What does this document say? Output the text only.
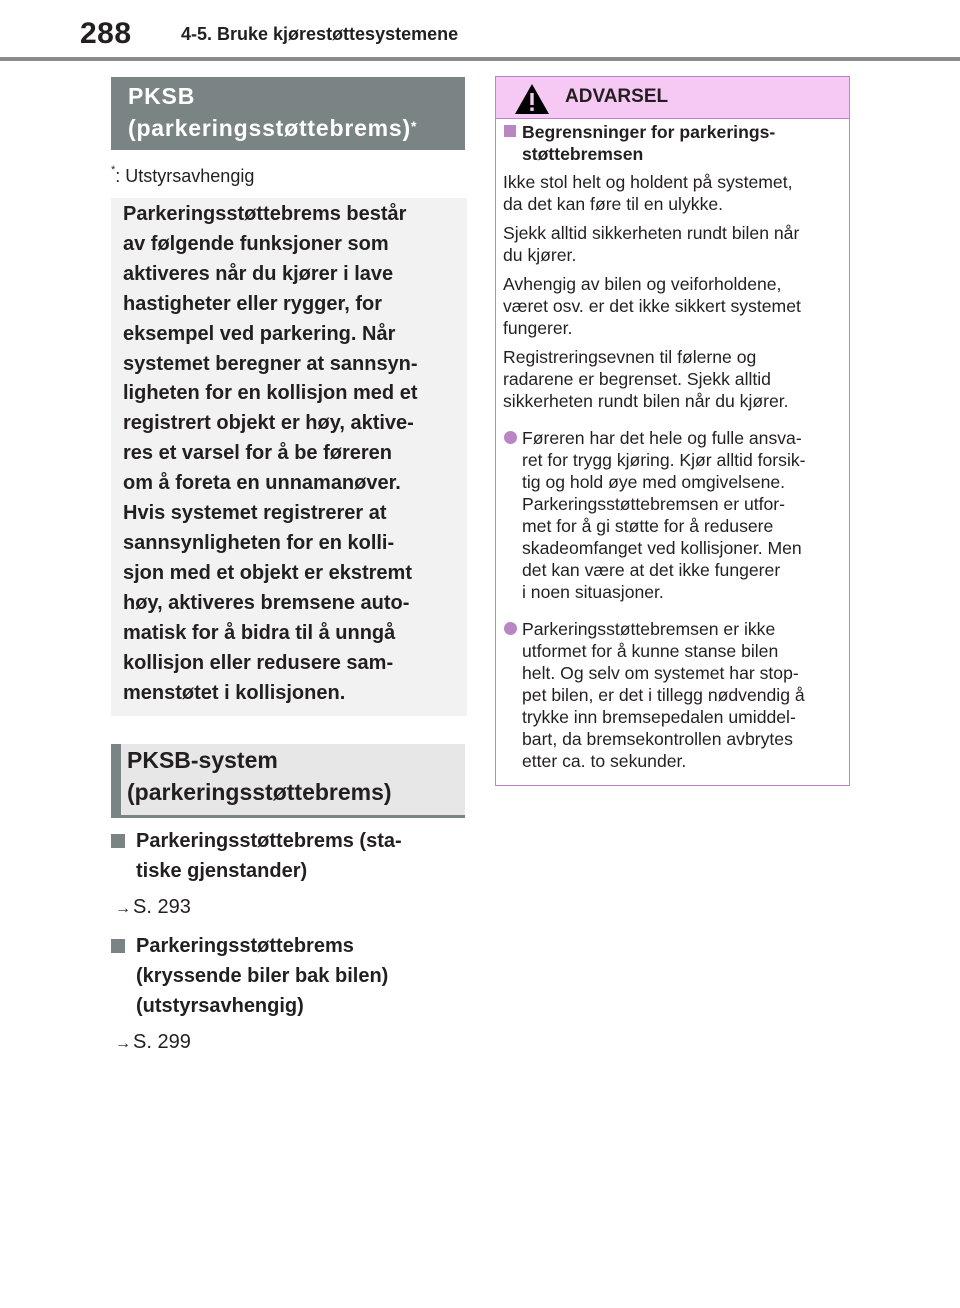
288	4-5. Bruke kjørestøttesystemene
PKSB
(parkeringsstøttebrems)*
*: Utstyrsavhengig
Parkeringsstøttebrems består
av følgende funksjoner som
aktiveres når du kjører i lave
hastigheter eller rygger, for
eksempel ved parkering. Når
systemet beregner at sannsyn-
ligheten for en kollisjon med et
registrert objekt er høy, aktive-
res et varsel for å be føreren
om å foreta en unnamanøver.
Hvis systemet registrerer at
sannsynligheten for en kolli-
sjon med et objekt er ekstremt
høy, aktiveres bremsene auto-
matisk for å bidra til å unngå
kollisjon eller redusere sam-
menstøtet i kollisjonen.
PKSB-system
(parkeringsstøttebrems)
Parkeringsstøttebrems (sta-
tiske gjenstander)
→ S. 293
Parkeringsstøttebrems
(kryssende biler bak bilen)
(utstyrsavhengig)
→ S. 299
ADVARSEL
Begrensninger for parkerings-
støttebremsen
Ikke stol helt og holdent på systemet,
da det kan føre til en ulykke.
Sjekk alltid sikkerheten rundt bilen når
du kjører.
Avhengig av bilen og veiforholdene,
været osv. er det ikke sikkert systemet
fungerer.
Registreringsevnen til følerne og
radarene er begrenset. Sjekk alltid
sikkerheten rundt bilen når du kjører.
Føreren har det hele og fulle ansva-
ret for trygg kjøring. Kjør alltid forsik-
tig og hold øye med omgivelsene.
Parkeringsstøttebremsen er utfor-
met for å gi støtte for å redusere
skadeomfanget ved kollisjoner. Men
det kan være at det ikke fungerer
i noen situasjoner.
Parkeringsstøttebremsen er ikke
utformet for å kunne stanse bilen
helt. Og selv om systemet har stop-
pet bilen, er det i tillegg nødvendig å
trykke inn bremsepedalen umiddel-
bart, da bremsekontrollen avbrytes
etter ca. to sekunder.
